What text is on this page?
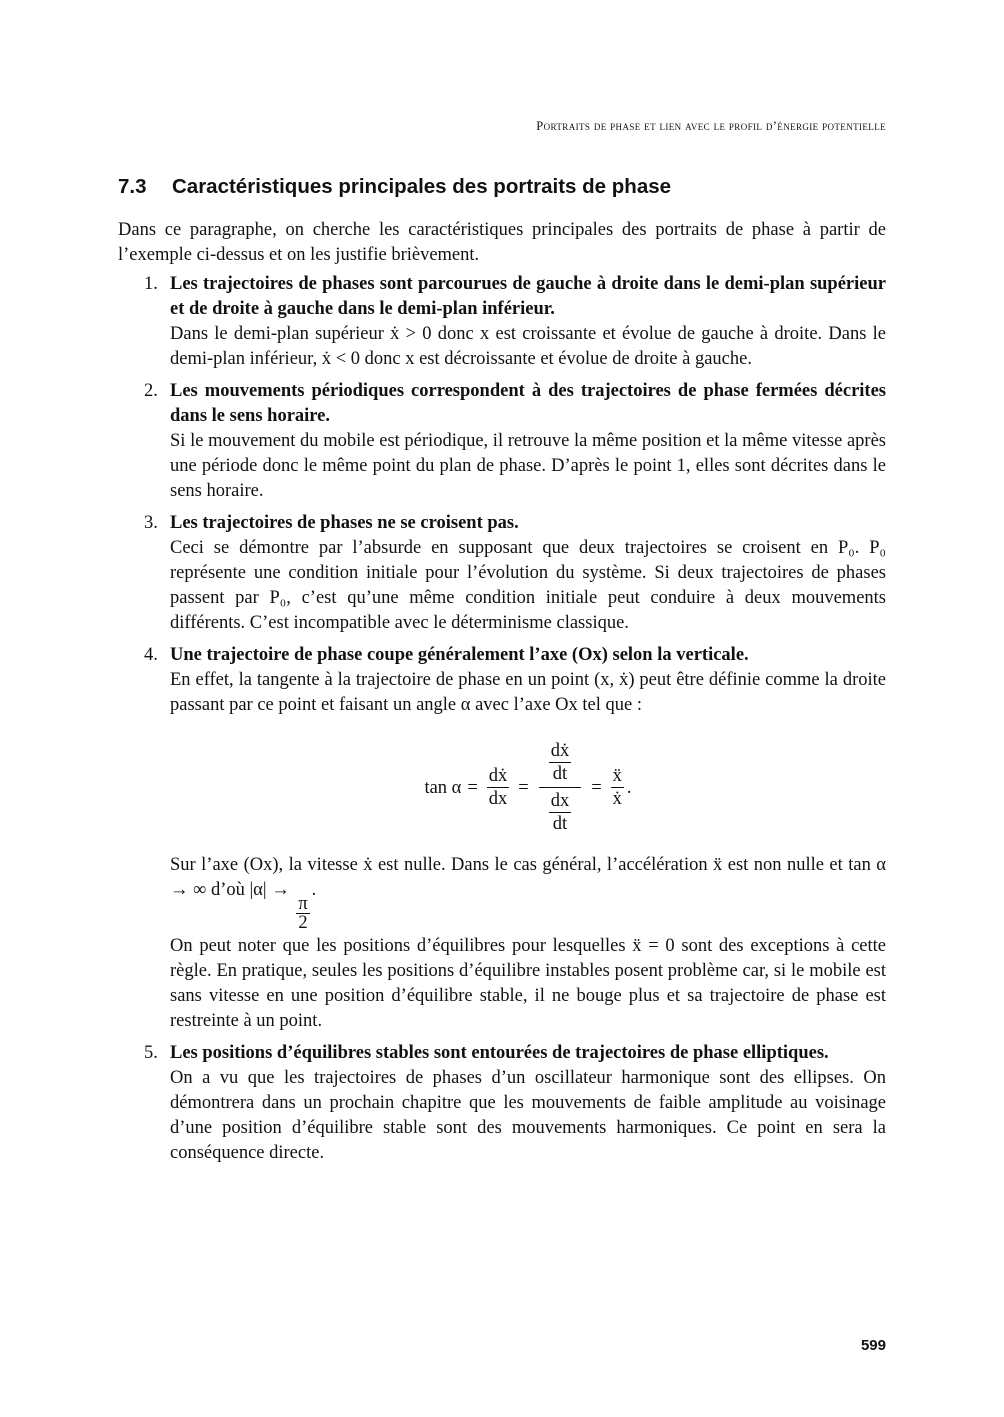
Portraits de phase et lien avec le profil d’énergie potentielle
7.3 Caractéristiques principales des portraits de phase

Dans ce paragraphe, on cherche les caractéristiques principales des portraits de phase à partir de l’exemple ci-dessus et on les justifie brièvement.

1. Les trajectoires de phases sont parcourues de gauche à droite dans le demi-plan supérieur et de droite à gauche dans le demi-plan inférieur.

Dans le demi-plan supérieur ẋ > 0 donc x est croissante et évolue de gauche à droite. Dans le demi-plan inférieur, ẋ < 0 donc x est décroissante et évolue de droite à gauche.

2. Les mouvements périodiques correspondent à des trajectoires de phase fermées décrites dans le sens horaire.

Si le mouvement du mobile est périodique, il retrouve la même position et la même vitesse après une période donc le même point du plan de phase. D’après le point 1, elles sont décrites dans le sens horaire.

3. Les trajectoires de phases ne se croisent pas.

Ceci se démontre par l’absurde en supposant que deux trajectoires se croisent en P₀. P₀ représente une condition initiale pour l’évolution du système. Si deux trajectoires de phases passent par P₀, c’est qu’une même condition initiale peut conduire à deux mouvements différents. C’est incompatible avec le déterminisme classique.

4. Une trajectoire de phase coupe généralement l’axe (Ox) selon la verticale.

En effet, la tangente à la trajectoire de phase en un point (x, ẋ) peut être définie comme la droite passant par ce point et faisant un angle α avec l’axe Ox tel que :

$\tan \alpha = \frac{\text{dẋ}}{dx} = \frac{\frac{\text{dẋ}}{dt}}{\frac{dx}{dt}} = \frac{\text{ẍ}}{\text{ẋ}}$ .

Sur l’axe (Ox), la vitesse ẋ est nulle. Dans le cas général, l’accélération ẍ est non nulle et tan α → ∞ d’où |α| →
$\frac{\pi}{2}$
.

On peut noter que les positions d’équilibres pour lesquelles ẍ = 0 sont des exceptions à cette règle. En pratique, seules les positions d’équilibre instables posent problème car, si le mobile est sans vitesse en une position d’équilibre stable, il ne bouge plus et sa trajectoire de phase est restreinte à un point.

5. Les positions d’équilibres stables sont entourées de trajectoires de phase elliptiques.

On a vu que les trajectoires de phases d’un oscillateur harmonique sont des ellipses. On démontrera dans un prochain chapitre que les mouvements de faible amplitude au voisinage d’une position d’équilibre stable sont des mouvements harmoniques. Ce point en sera la conséquence directe.

599
